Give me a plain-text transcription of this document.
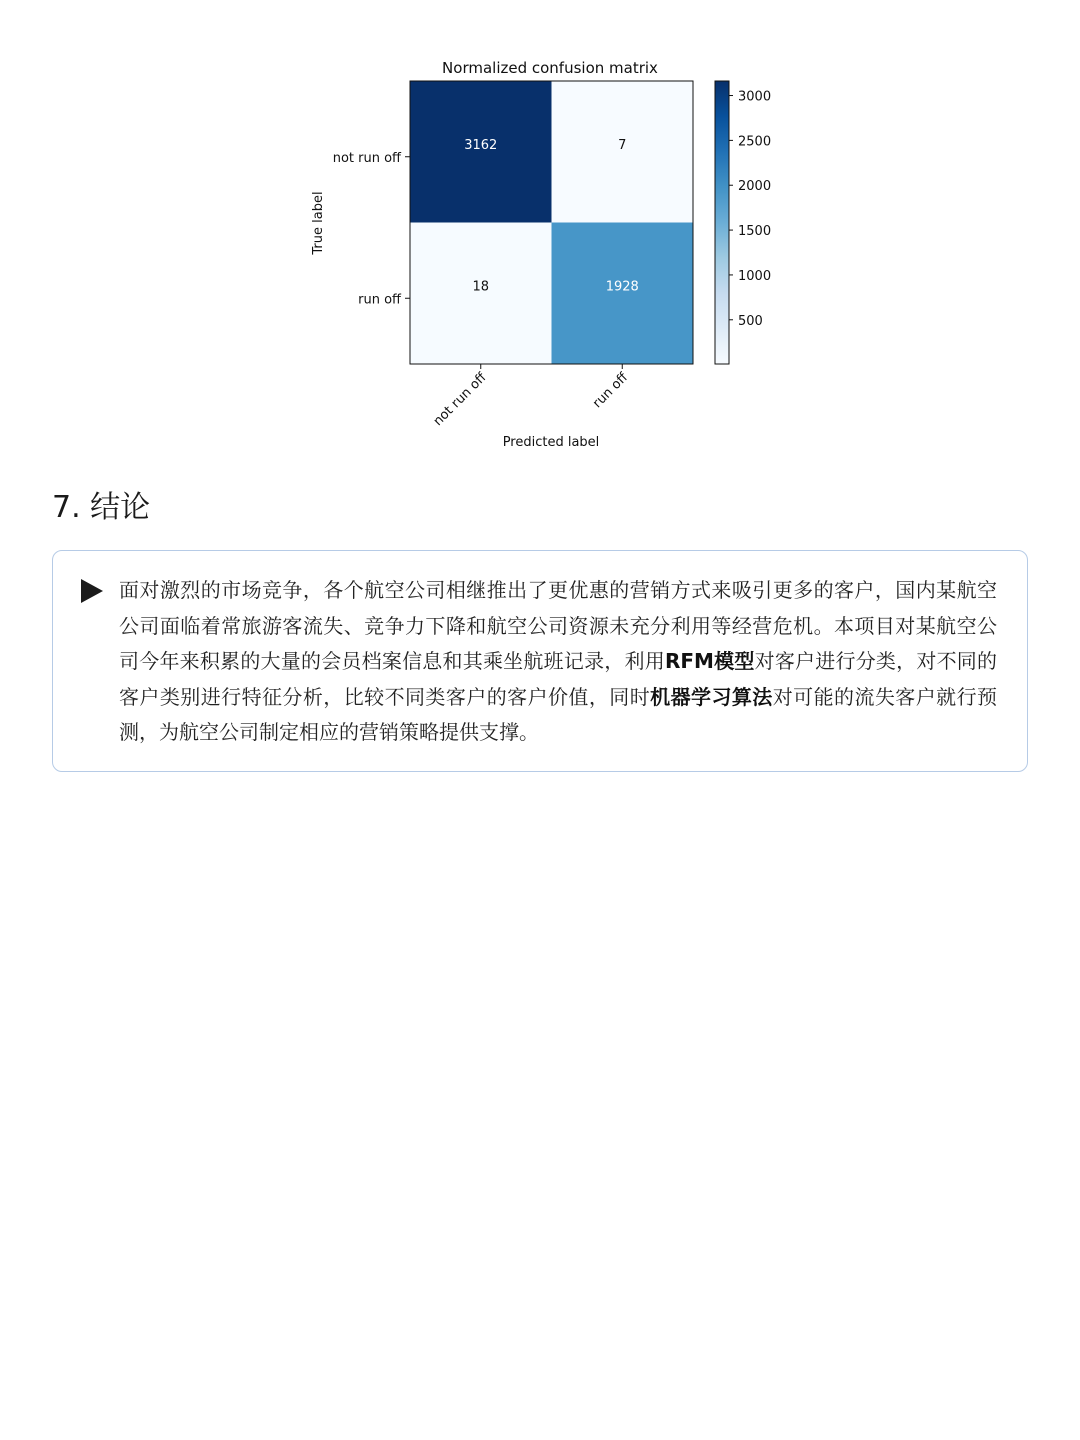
Normalized confusion matrix
3162	7
18	1928
not run off	run off
not run off
run off
Predicted label
True label
500
1000
1500
2000
2500
3000
7. 结论

面对激烈的市场竞争，各个航空公司相继推出了更优惠的营销方式来吸引更多的客户，国内某航空公司面临着常旅游客流失、竞争力下降和航空公司资源未充分利用等经营危机。本项目对某航空公司今年来积累的大量的会员档案信息和其乘坐航班记录，利用RFM模型对客户进行分类，对不同的客户类别进行特征分析，比较不同类客户的客户价值，同时机器学习算法对可能的流失客户就行预测，为航空公司制定相应的营销策略提供支撑。
